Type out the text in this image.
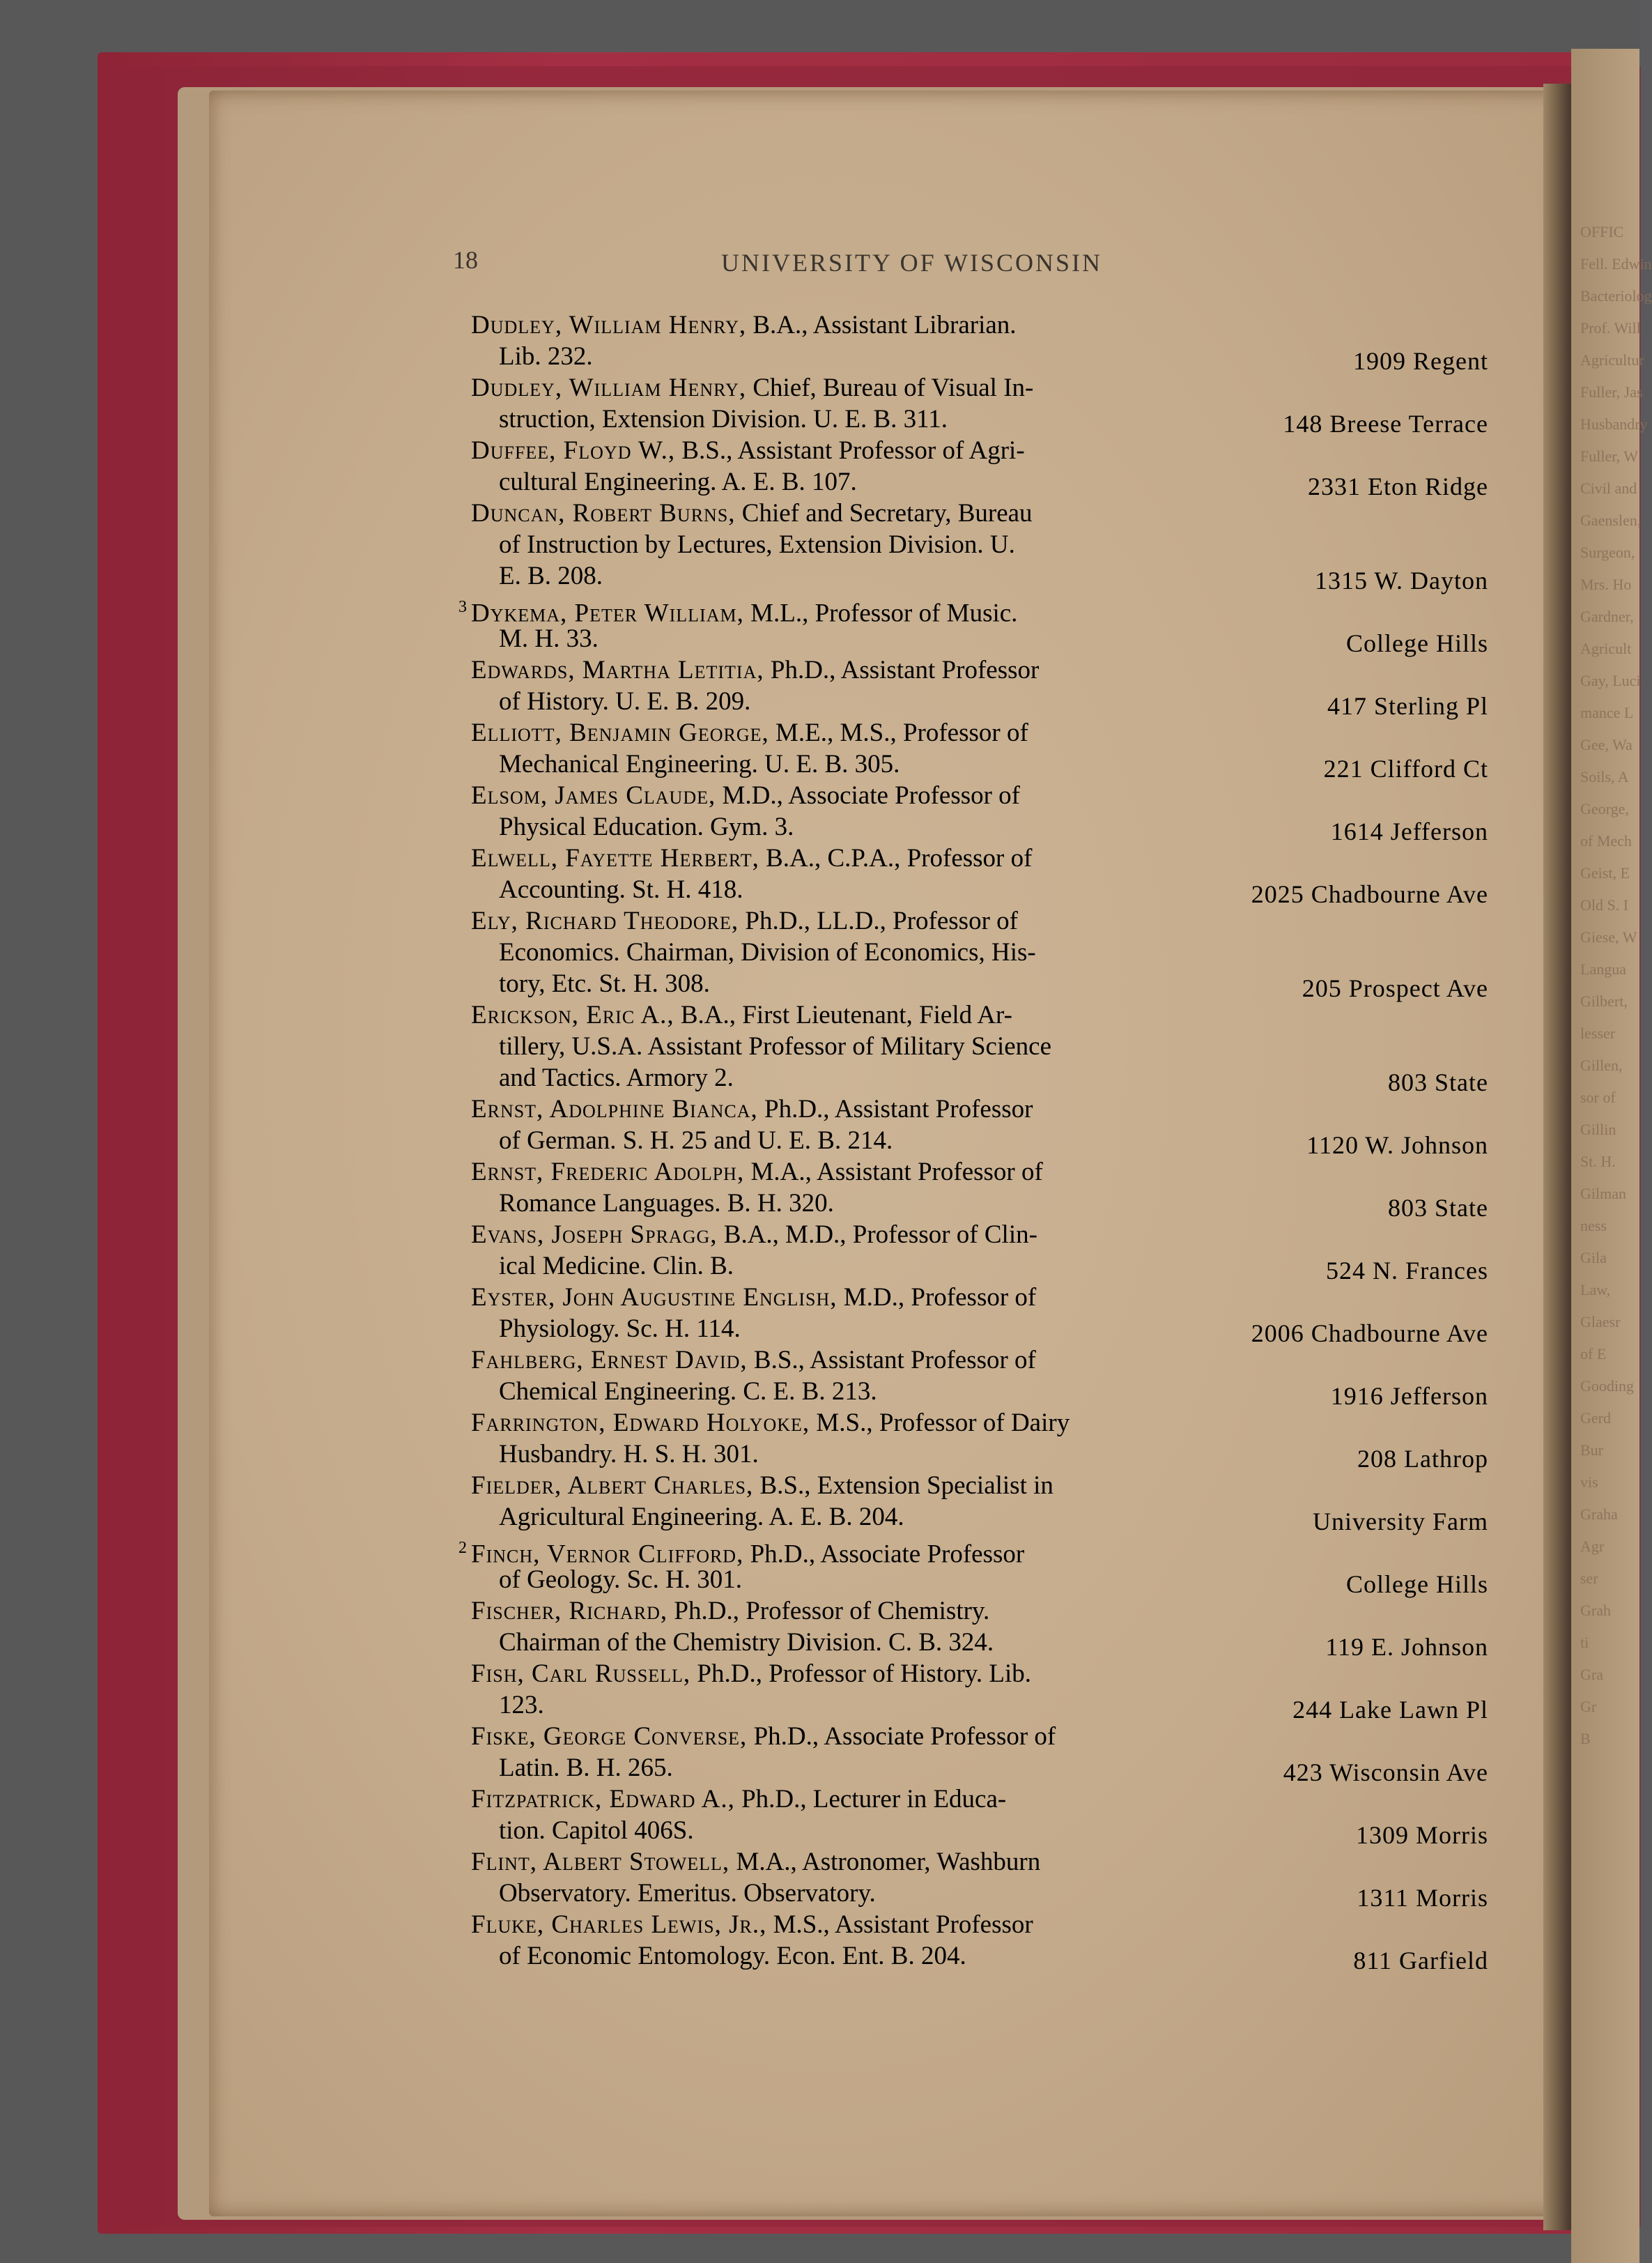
OFFIC
Fell. Edwin
Bacteriolog
Prof. Will
Agricultur
Fuller, Jas
Husbandry
Fuller, W
Civil and
Gaenslen,
Surgeon,
Mrs. Ho
Gardner,
Agricult
Gay, Luci
mance L
Gee, Wa
Soils, A
George,
of Mech
Geist, E
Old S. I
Giese, W
Langua
Gilbert,
lesser
Gillen,
sor of
Gillin
St. H.
Gilman
ness
Gila
Law,
Glaesr
of E
Gooding
Gerd
Bur
vis
Graha
Agr
ser
Grah
ti
Gra
Gr
B
18	UNIVERSITY OF WISCONSIN
Dudley, William Henry, B.A., Assistant Librarian.
Lib. 232.	1909 Regent
Dudley, William Henry, Chief, Bureau of Visual In-
struction, Extension Division. U. E. B. 311.	148 Breese Terrace
Duffee, Floyd W., B.S., Assistant Professor of Agri-
cultural Engineering. A. E. B. 107.	2331 Eton Ridge
Duncan, Robert Burns, Chief and Secretary, Bureau
of Instruction by Lectures, Extension Division. U.
E. B. 208.	1315 W. Dayton
$^3$ Dykema, Peter William, M.L., Professor of Music.
M. H. 33.	College Hills
Edwards, Martha Letitia, Ph.D., Assistant Professor
of History. U. E. B. 209.	417 Sterling Pl
Elliott, Benjamin George, M.E., M.S., Professor of
Mechanical Engineering. U. E. B. 305.	221 Clifford Ct
Elsom, James Claude, M.D., Associate Professor of
Physical Education. Gym. 3.	1614 Jefferson
Elwell, Fayette Herbert, B.A., C.P.A., Professor of
Accounting. St. H. 418.	2025 Chadbourne Ave
Ely, Richard Theodore, Ph.D., LL.D., Professor of
Economics. Chairman, Division of Economics, His-
tory, Etc. St. H. 308.	205 Prospect Ave
Erickson, Eric A., B.A., First Lieutenant, Field Ar-
tillery, U.S.A. Assistant Professor of Military Science
and Tactics. Armory 2.	803 State
Ernst, Adolphine Bianca, Ph.D., Assistant Professor
of German. S. H. 25 and U. E. B. 214.	1120 W. Johnson
Ernst, Frederic Adolph, M.A., Assistant Professor of
Romance Languages. B. H. 320.	803 State
Evans, Joseph Spragg, B.A., M.D., Professor of Clin-
ical Medicine. Clin. B.	524 N. Frances
Eyster, John Augustine English, M.D., Professor of
Physiology. Sc. H. 114.	2006 Chadbourne Ave
Fahlberg, Ernest David, B.S., Assistant Professor of
Chemical Engineering. C. E. B. 213.	1916 Jefferson
Farrington, Edward Holyoke, M.S., Professor of Dairy
Husbandry. H. S. H. 301.	208 Lathrop
Fielder, Albert Charles, B.S., Extension Specialist in
Agricultural Engineering. A. E. B. 204.	University Farm
$^2$ Finch, Vernor Clifford, Ph.D., Associate Professor
of Geology. Sc. H. 301.	College Hills
Fischer, Richard, Ph.D., Professor of Chemistry.
Chairman of the Chemistry Division. C. B. 324.	119 E. Johnson
Fish, Carl Russell, Ph.D., Professor of History. Lib.
123.	244 Lake Lawn Pl
Fiske, George Converse, Ph.D., Associate Professor of
Latin. B. H. 265.	423 Wisconsin Ave
Fitzpatrick, Edward A., Ph.D., Lecturer in Educa-
tion. Capitol 406S.	1309 Morris
Flint, Albert Stowell, M.A., Astronomer, Washburn
Observatory. Emeritus. Observatory.	1311 Morris
Fluke, Charles Lewis, Jr., M.S., Assistant Professor
of Economic Entomology. Econ. Ent. B. 204.	811 Garfield
